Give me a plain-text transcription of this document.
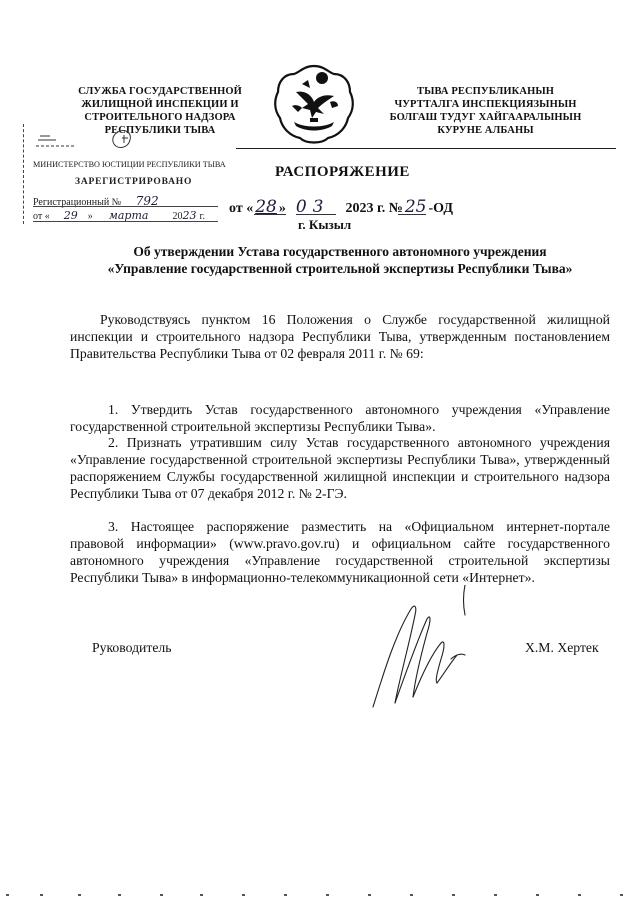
СЛУЖБА ГОСУДАРСТВЕННОЙ
ЖИЛИЩНОЙ ИНСПЕКЦИИ И
СТРОИТЕЛЬНОГО НАДЗОРА
РЕСПУБЛИКИ ТЫВА
ТЫВА РЕСПУБЛИКАНЫН
ЧУРТТАЛГА ИНСПЕКЦИЯЗЫНЫН
БОЛГАШ ТУДУГ ХАЙГААРАЛЫНЫН
КУРУНЕ АЛБАНЫ
МИНИСТЕРСТВО ЮСТИЦИИ РЕСПУБЛИКИ ТЫВА
ЗАРЕГИСТРИРОВАНО
Регистрационный № 792
от « 29 » марта 2023 г.
РАСПОРЯЖЕНИЕ
от « 28 » 03 2023 г. № 25 -ОД
г. Кызыл
Об утверждении Устава государственного автономного учреждения
«Управление государственной строительной экспертизы Республики Тыва»
Руководствуясь пунктом 16 Положения о Службе государственной жилищной инспекции и строительного надзора Республики Тыва, утвержденным постановлением Правительства Республики Тыва от 02 февраля 2011 г. № 69:
1. Утвердить Устав государственного автономного учреждения «Управление государственной строительной экспертизы Республики Тыва».
2. Признать утратившим силу Устав государственного автономного учреждения «Управление государственной строительной экспертизы Республики Тыва», утвержденный распоряжением Службы государственной жилищной инспекции и строительного надзора Республики Тыва от 07 декабря 2012 г. № 2-ГЭ.
3. Настоящее распоряжение разместить на «Официальном интернет-портале правовой информации» (www.pravo.gov.ru) и официальном сайте государственного автономного учреждения «Управление государственной строительной экспертизы Республики Тыва» в информационно-телекоммуникационной сети «Интернет».
Руководитель	Х.М. Хертек
